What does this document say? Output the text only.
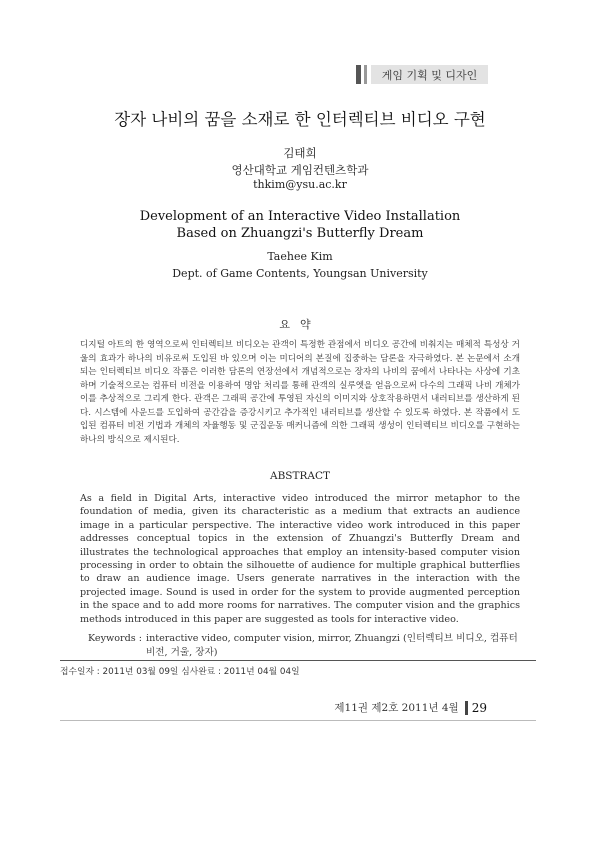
게임 기획 및 디자인
장자 나비의 꿈을 소재로 한 인터렉티브 비디오 구현
김태희
영산대학교 게임컨텐츠학과
thkim@ysu.ac.kr
Development of an Interactive Video Installation
Based on Zhuangzi's Butterfly Dream
Taehee Kim
Dept. of Game Contents, Youngsan University
요약
디지털 아트의 한 영역으로써 인터렉티브 비디오는 관객이 특정한 관점에서 비디오 공간에 비춰지는 매체적 특성상 거울의 효과가 하나의 비유로써 도입된 바 있으며 이는 미디어의 본질에 집중하는 담론을 자극하였다. 본 논문에서 소개되는 인터렉티브 비디오 작품은 이러한 담론의 연장선에서 개념적으로는 장자의 나비의 꿈에서 나타나는 사상에 기초하며 기술적으로는 컴퓨터 비전을 이용하여 명암 처리를 통해 관객의 실루엣을 얻음으로써 다수의 그래픽 나비 개체가 이를 추상적으로 그리게 한다. 관객은 그래픽 공간에 투영된 자신의 이미지와 상호작용하면서 내러티브를 생산하게 된다. 시스템에 사운드를 도입하여 공간감을 증강시키고 추가적인 내러티브를 생산할 수 있도록 하였다. 본 작품에서 도입된 컴퓨터 비전 기법과 개체의 자율행동 및 군집운동 매커니즘에 의한 그래픽 생성이 인터렉티브 비디오를 구현하는 하나의 방식으로 제시된다.
ABSTRACT
As a field in Digital Arts, interactive video introduced the mirror metaphor to the foundation of media, given its characteristic as a medium that extracts an audience image in a particular perspective. The interactive video work introduced in this paper addresses conceptual topics in the extension of Zhuangzi's Butterfly Dream and illustrates the technological approaches that employ an intensity-based computer vision processing in order to obtain the silhouette of audience for multiple graphical butterflies to draw an audience image. Users generate narratives in the interaction with the projected image. Sound is used in order for the system to provide augmented perception in the space and to add more rooms for narratives. The computer vision and the graphics methods introduced in this paper are suggested as tools for interactive video.
Keywords : interactive video, computer vision, mirror, Zhuangzi (인터렉티브 비디오, 컴퓨터 비전, 거울, 장자)
접수일자 : 2011년 03월 09일 심사완료 : 2011년 04월 04일
제11권 제2호 2011년 4월 29
